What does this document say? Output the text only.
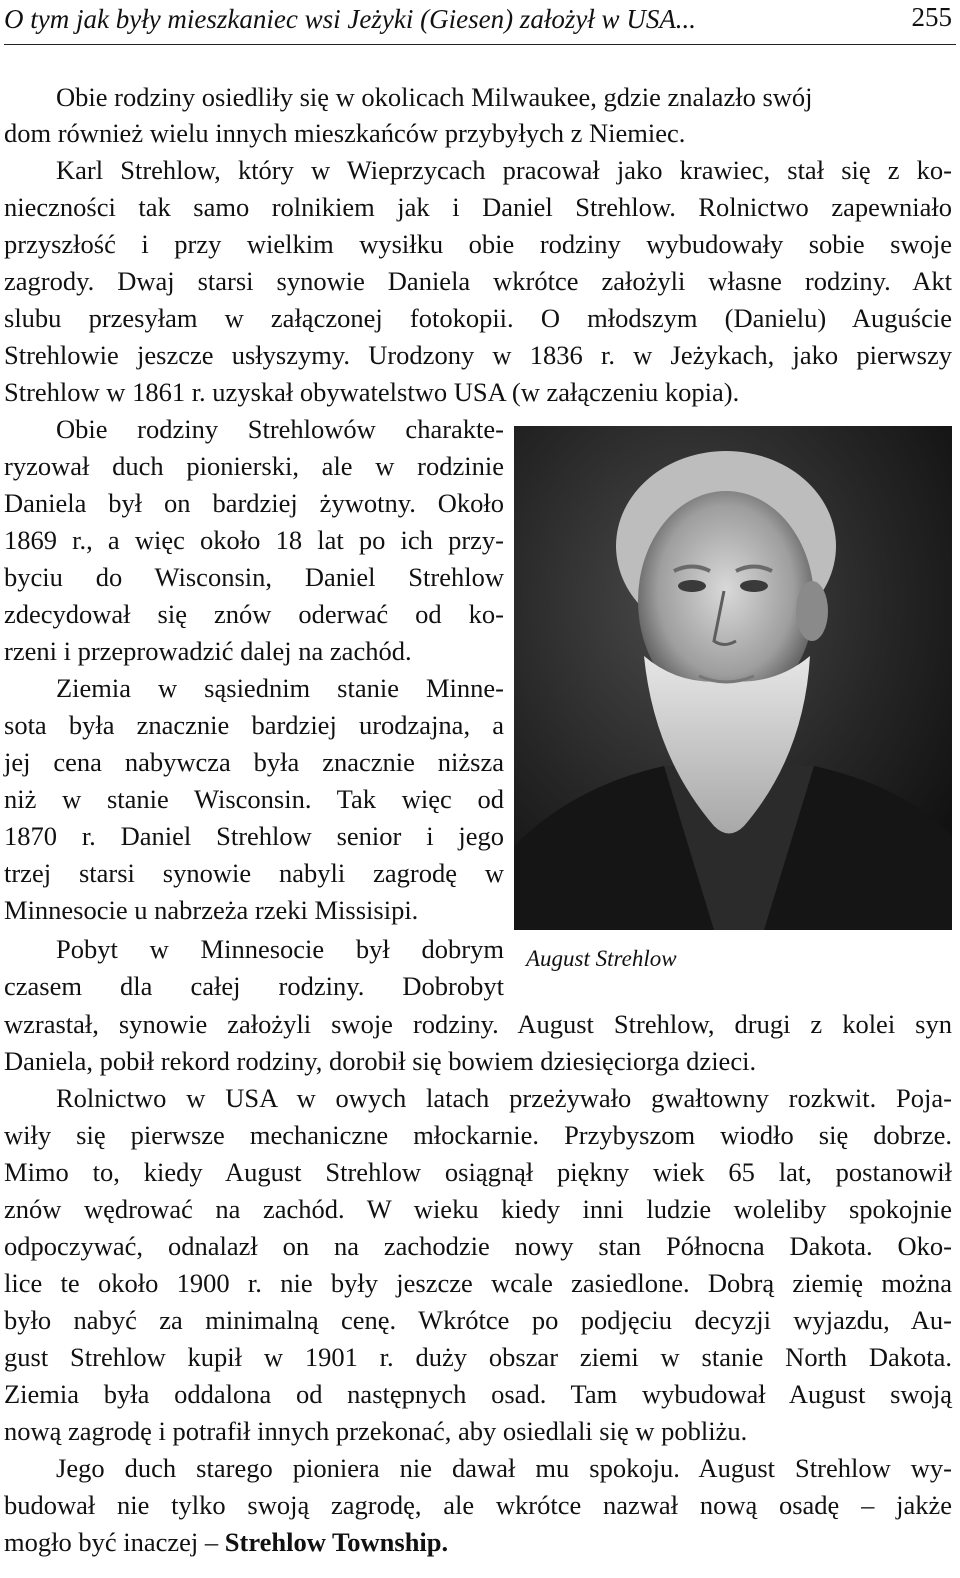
O tym jak były mieszkaniec wsi Jeżyki (Giesen) założył w USA...	255
Obie rodziny osiedliły się w okolicach Milwaukee, gdzie znalazło swój
dom również wielu innych mieszkańców przybyłych z Niemiec.
Karl Strehlow, który w Wieprzycach pracował jako krawiec, stał się z ko-
nieczności tak samo rolnikiem jak i Daniel Strehlow. Rolnictwo zapewniało
przyszłość i przy wielkim wysiłku obie rodziny wybudowały sobie swoje
zagrody. Dwaj starsi synowie Daniela wkrótce założyli własne rodziny. Akt
slubu przesyłam w załączonej fotokopii. O młodszym (Danielu) Auguście
Strehlowie jeszcze usłyszymy. Urodzony w 1836 r. w Jeżykach, jako pierwszy
Strehlow w 1861 r. uzyskał obywatelstwo USA (w załączeniu kopia).
Obie rodziny Strehlowów charakte-
ryzował duch pionierski, ale w rodzinie
Daniela był on bardziej żywotny. Około
1869 r., a więc około 18 lat po ich przy-
byciu do Wisconsin, Daniel Strehlow
zdecydował się znów oderwać od ko-
rzeni i przeprowadzić dalej na zachód.
Ziemia w sąsiednim stanie Minne-
sota była znacznie bardziej urodzajna, a
jej cena nabywcza była znacznie niższa
niż w stanie Wisconsin. Tak więc od
1870 r. Daniel Strehlow senior i jego
trzej starsi synowie nabyli zagrodę w
Minnesocie u nabrzeża rzeki Missisipi.
Pobyt w Minnesocie był dobrym
czasem dla całej rodziny. Dobrobyt
wzrastał, synowie założyli swoje rodziny. August Strehlow, drugi z kolei syn
Daniela, pobił rekord rodziny, dorobił się bowiem dziesięciorga dzieci.
Rolnictwo w USA w owych latach przeżywało gwałtowny rozkwit. Poja-
wiły się pierwsze mechaniczne młockarnie. Przybyszom wiodło się dobrze.
Mimo to, kiedy August Strehlow osiągnął piękny wiek 65 lat, postanowił
znów wędrować na zachód. W wieku kiedy inni ludzie woleliby spokojnie
odpoczywać, odnalazł on na zachodzie nowy stan Północna Dakota. Oko-
lice te około 1900 r. nie były jeszcze wcale zasiedlone. Dobrą ziemię można
było nabyć za minimalną cenę. Wkrótce po podjęciu decyzji wyjazdu, Au-
gust Strehlow kupił w 1901 r. duży obszar ziemi w stanie North Dakota.
Ziemia była oddalona od następnych osad. Tam wybudował August swoją
nową zagrodę i potrafił innych przekonać, aby osiedlali się w pobliżu.
Jego duch starego pioniera nie dawał mu spokoju. August Strehlow wy-
budował nie tylko swoją zagrodę, ale wkrótce nazwał nową osadę – jakże
mogło być inaczej – Strehlow Township.
August Strehlow
